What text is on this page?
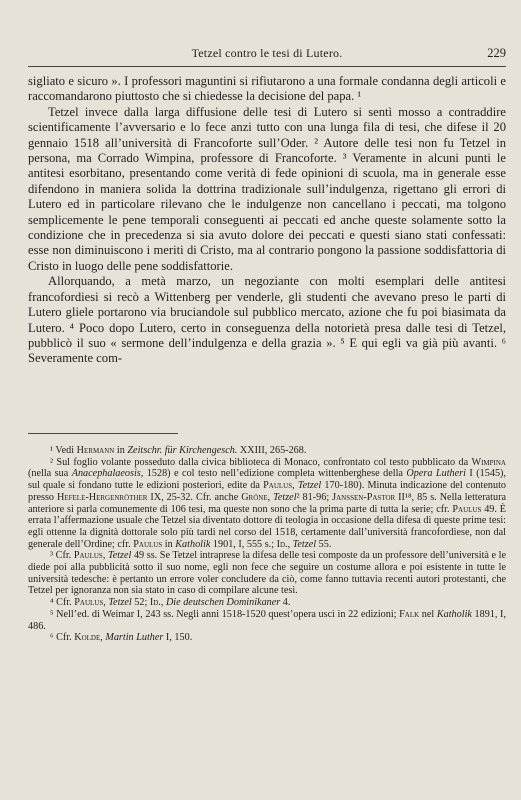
Tetzel contro le tesi di Lutero.	229

sigliato e sicuro ». I professori maguntini si rifiutarono a una formale condanna degli articoli e raccomandarono piuttosto che si chiedesse la decisione del papa. ¹

Tetzel invece dalla larga diffusione delle tesi di Lutero si sentì mosso a contraddire scientificamente l’avversario e lo fece anzi tutto con una lunga fila di tesi, che difese il 20 gennaio 1518 all’università di Francoforte sull’Oder. ² Autore delle tesi non fu Tetzel in persona, ma Corrado Wimpina, professore di Francoforte. ³ Veramente in alcuni punti le antitesi esorbitano, presentando come verità di fede opinioni di scuola, ma in generale esse difendono in maniera solida la dottrina tradizionale sull’indulgenza, rigettano gli errori di Lutero ed in particolare rilevano che le indulgenze non cancellano i peccati, ma tolgono semplicemente le pene temporali conseguenti ai peccati ed anche queste solamente sotto la condizione che in precedenza si sia avuto dolore dei peccati e questi siano stati confessati: esse non diminuiscono i meriti di Cristo, ma al contrario pongono la passione soddisfattoria di Cristo in luogo delle pene soddisfattorie.

Allorquando, a metà marzo, un negoziante con molti esemplari delle antitesi francofordiesi si recò a Wittenberg per venderle, gli studenti che avevano preso le parti di Lutero gliele portarono via bruciandole sul pubblico mercato, azione che fu poi biasimata da Lutero. ⁴ Poco dopo Lutero, certo in conseguenza della notorietà presa dalle tesi di Tetzel, pubblicò il suo « sermone dell’indulgenza e della grazia ». ⁵ E qui egli va già più avanti. ⁶ Severamente com-

¹ Vedi Hermann in Zeitschr. für Kirchengesch. XXIII, 265-268.

² Sul foglio volante posseduto dalla civica biblioteca di Monaco, confrontato col testo pubblicato da Wimpina (nella sua Anacephalaeosis, 1528) e col testo nell’edizione completa wittenberghese della Opera Lutheri I (1545), sul quale si fondano tutte le edizioni posteriori, edite da Paulus, Tetzel 170-180). Minuta indicazione del contenuto presso Hefele-Hergenröther IX, 25-32. Cfr. anche Gröne, Tetzel² 81-96; Janssen-Pastor II¹⁸, 85 s. Nella letteratura anteriore si parla comunemente di 106 tesi, ma queste non sono che la prima parte di tutta la serie; cfr. Paulus 49. È errata l’affermazione usuale che Tetzel sia diventato dottore di teologia in occasione della difesa di queste prime tesi: egli ottenne la dignità dottorale solo più tardi nel corso del 1518, certamente dall’università francofordiese, non dal generale dell’Ordine; cfr. Paulus in Katholik 1901, I, 555 s.; Id., Tetzel 55.

³ Cfr. Paulus, Tetzel 49 ss. Se Tetzel intraprese la difesa delle tesi composte da un professore dell’università e le diede poi alla pubblicità sotto il suo nome, egli non fece che seguire un costume allora e poi esistente in tutte le università tedesche: è pertanto un errore voler concludere da ciò, come fanno tuttavia recenti autori protestanti, che Tetzel per ignoranza non sia stato in caso di compilare alcune tesi.

⁴ Cfr. Paulus, Tetzel 52; Id., Die deutschen Dominikaner 4.

⁵ Nell’ed. di Weimar I, 243 ss. Negli anni 1518-1520 quest’opera uscì in 22 edizioni; Falk nel Katholik 1891, I, 486.

⁶ Cfr. Kolde, Martin Luther I, 150.
